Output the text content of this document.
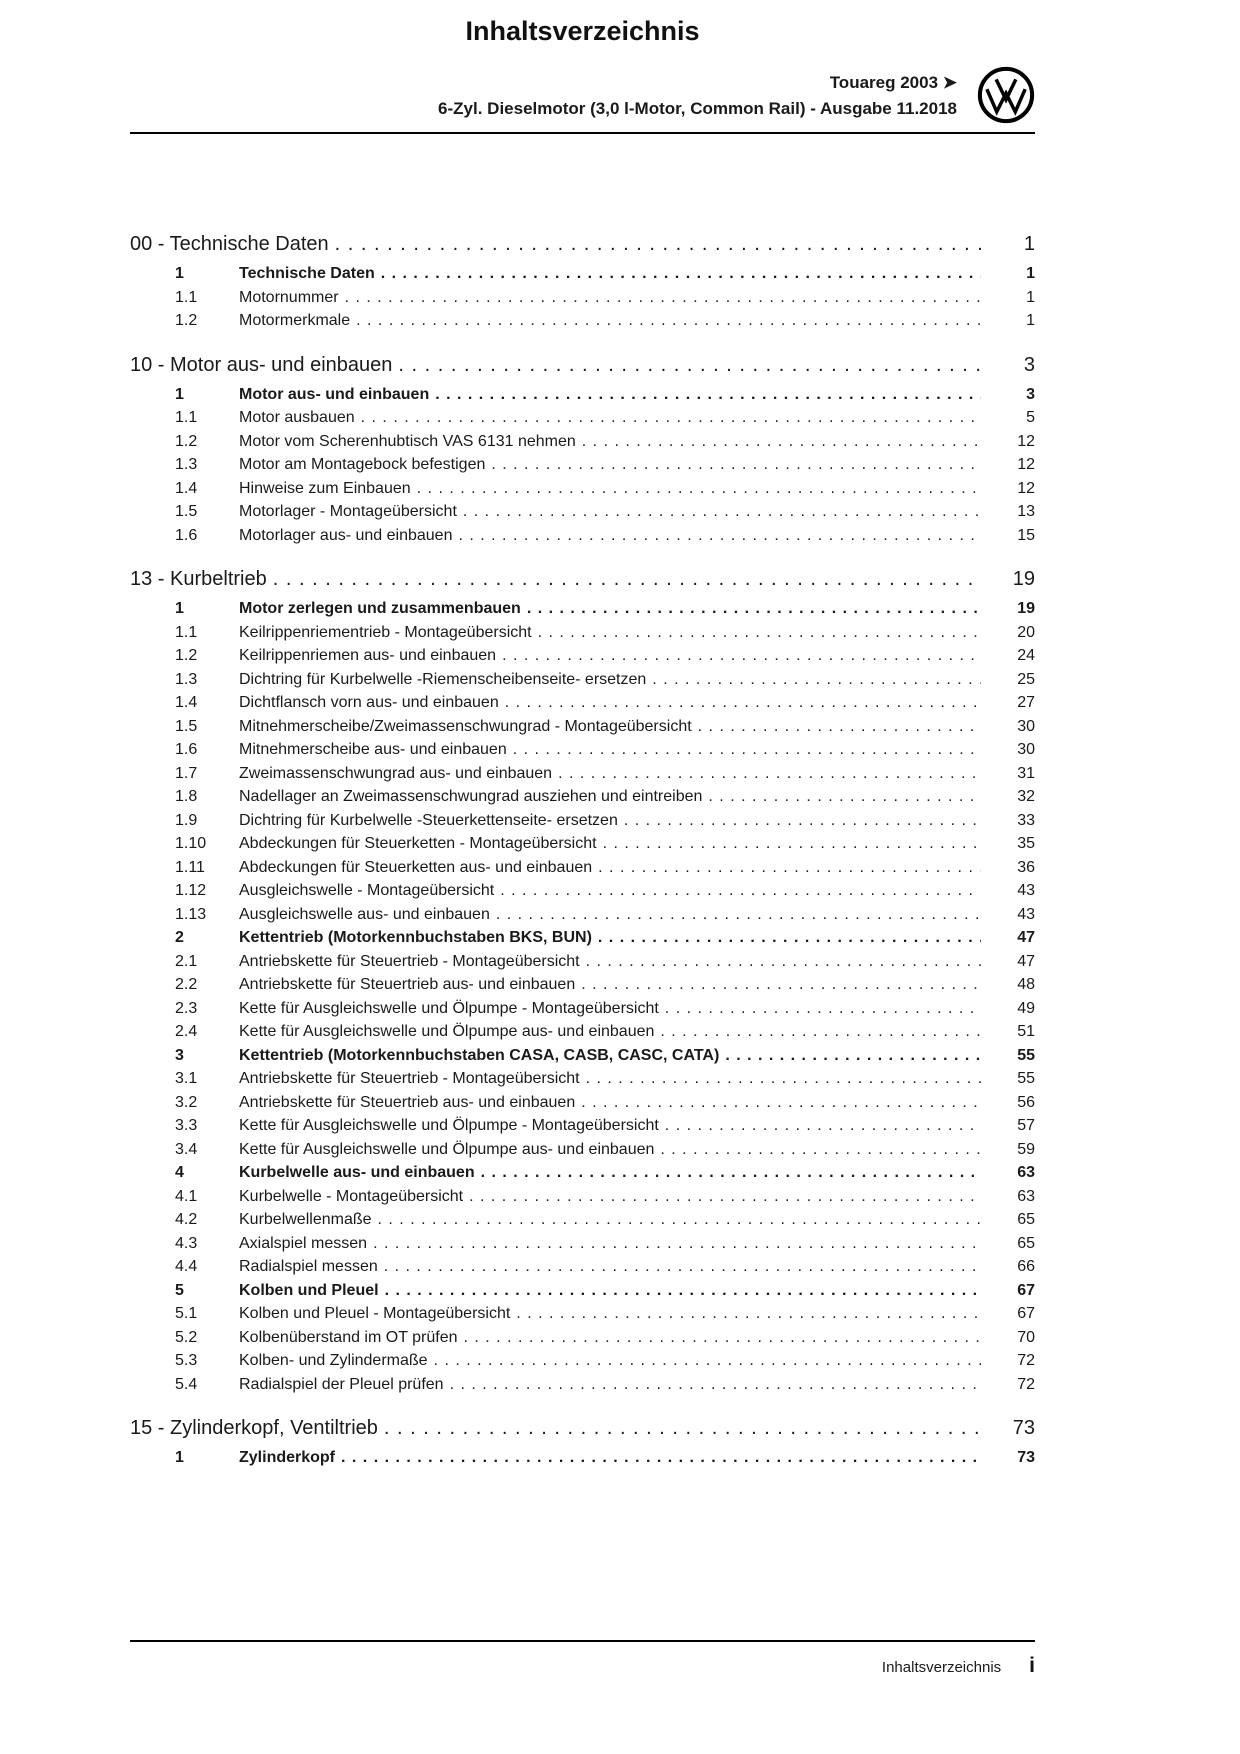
Touareg 2003 ➤
6-Zyl. Dieselmotor (3,0 l-Motor, Common Rail) - Ausgabe 11.2018
Inhaltsverzeichnis
00 - Technische Daten . . .	1
1	Technische Daten . . .	1
1.1	Motornummer . . .	1
1.2	Motormerkmale . . .	1
10 - Motor aus- und einbauen . . .	3
1	Motor aus- und einbauen . . .	3
1.1	Motor ausbauen . . .	5
1.2	Motor vom Scherenhubtisch VAS 6131 nehmen . . .	12
1.3	Motor am Montagebock befestigen . . .	12
1.4	Hinweise zum Einbauen . . .	12
1.5	Motorlager - Montageübersicht . . .	13
1.6	Motorlager aus- und einbauen . . .	15
13 - Kurbeltrieb . . .	19
1	Motor zerlegen und zusammenbauen . . .	19
1.1	Keilrippenriementrieb - Montageübersicht . . .	20
1.2	Keilrippenriemen aus- und einbauen . . .	24
1.3	Dichtring für Kurbelwelle -Riemenscheibenseite- ersetzen . . .	25
1.4	Dichtflansch vorn aus- und einbauen . . .	27
1.5	Mitnehmerscheibe/Zweimassenschwungrad - Montageübersicht . . .	30
1.6	Mitnehmerscheibe aus- und einbauen . . .	30
1.7	Zweimassenschwungrad aus- und einbauen . . .	31
1.8	Nadellager an Zweimassenschwungrad ausziehen und eintreiben . . .	32
1.9	Dichtring für Kurbelwelle -Steuerkettenseite- ersetzen . . .	33
1.10	Abdeckungen für Steuerketten - Montageübersicht . . .	35
1.11	Abdeckungen für Steuerketten aus- und einbauen . . .	36
1.12	Ausgleichswelle - Montageübersicht . . .	43
1.13	Ausgleichswelle aus- und einbauen . . .	43
2	Kettentrieb (Motorkennbuchstaben BKS, BUN) . . .	47
2.1	Antriebskette für Steuertrieb - Montageübersicht . . .	47
2.2	Antriebskette für Steuertrieb aus- und einbauen . . .	48
2.3	Kette für Ausgleichswelle und Ölpumpe - Montageübersicht . . .	49
2.4	Kette für Ausgleichswelle und Ölpumpe aus- und einbauen . . .	51
3	Kettentrieb (Motorkennbuchstaben CASA, CASB, CASC, CATA) . . .	55
3.1	Antriebskette für Steuertrieb - Montageübersicht . . .	55
3.2	Antriebskette für Steuertrieb aus- und einbauen . . .	56
3.3	Kette für Ausgleichswelle und Ölpumpe - Montageübersicht . . .	57
3.4	Kette für Ausgleichswelle und Ölpumpe aus- und einbauen . . .	59
4	Kurbelwelle aus- und einbauen . . .	63
4.1	Kurbelwelle - Montageübersicht . . .	63
4.2	Kurbelwellenmaße . . .	65
4.3	Axialspiel messen . . .	65
4.4	Radialspiel messen . . .	66
5	Kolben und Pleuel . . .	67
5.1	Kolben und Pleuel - Montageübersicht . . .	67
5.2	Kolbenüberstand im OT prüfen . . .	70
5.3	Kolben- und Zylindermaße . . .	72
5.4	Radialspiel der Pleuel prüfen . . .	72
15 - Zylinderkopf, Ventiltrieb . . .	73
1	Zylinderkopf . . .	73
Inhaltsverzeichnis i
